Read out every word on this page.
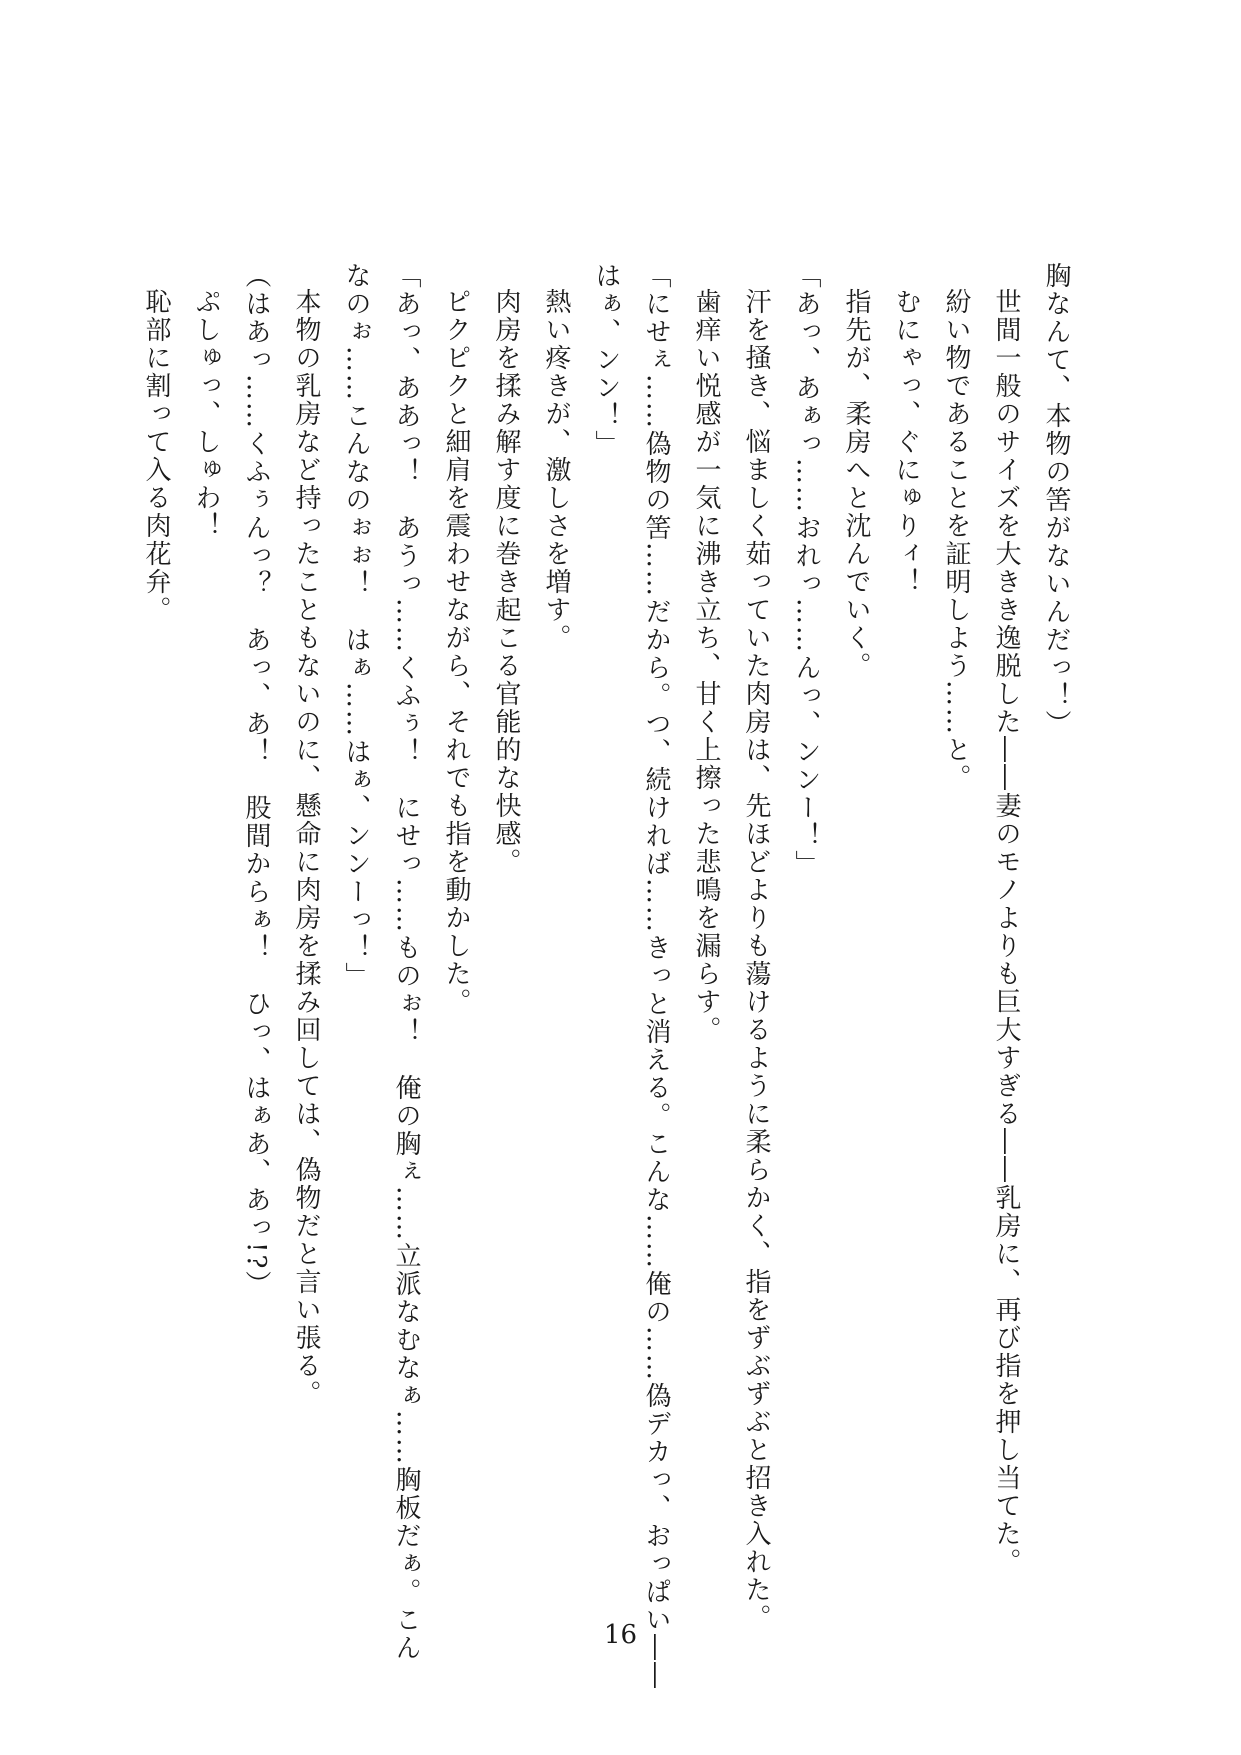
胸なんて、本物の筈がないんだっ！）
世間一般のサイズを大きき逸脱した――妻のモノよりも巨大すぎる――乳房に、再び指を押し当てた。
紛い物であることを証明しよう……と。
むにゃっ、ぐにゅりィ！
指先が、柔房へと沈んでいく。
「あっ、あぁっ……おれっ……んっ、ンンー！」
汗を掻き、悩ましく茹っていた肉房は、先ほどよりも蕩けるように柔らかく、指をずぶずぶと招き入れた。
歯痒い悦感が一気に沸き立ち、甘く上擦った悲鳴を漏らす。
「にせぇ……偽物の筈……だから。つ、続ければ……きっと消える。こんな……俺の……偽デカっ、おっぱい――
はぁ、ンン！」
熱い疼きが、激しさを増す。
肉房を揉み解す度に巻き起こる官能的な快感。
ピクピクと細肩を震わせながら、それでも指を動かした。
「あっ、ああっ！　あうっ……くふぅ！　にせっ……ものぉ！　俺の胸ぇ……立派なむなぁ……胸板だぁ。こん
なのぉ……こんなのぉぉ！　はぁ……はぁ、ンンーっ！」
本物の乳房など持ったこともないのに、懸命に肉房を揉み回しては、偽物だと言い張る。
（はあっ……くふぅんっ？　あっ、あ！　股間からぁ！　ひっ、はぁあ、あっ!?）
ぷしゅっ、しゅわ！
恥部に割って入る肉花弁。
16
